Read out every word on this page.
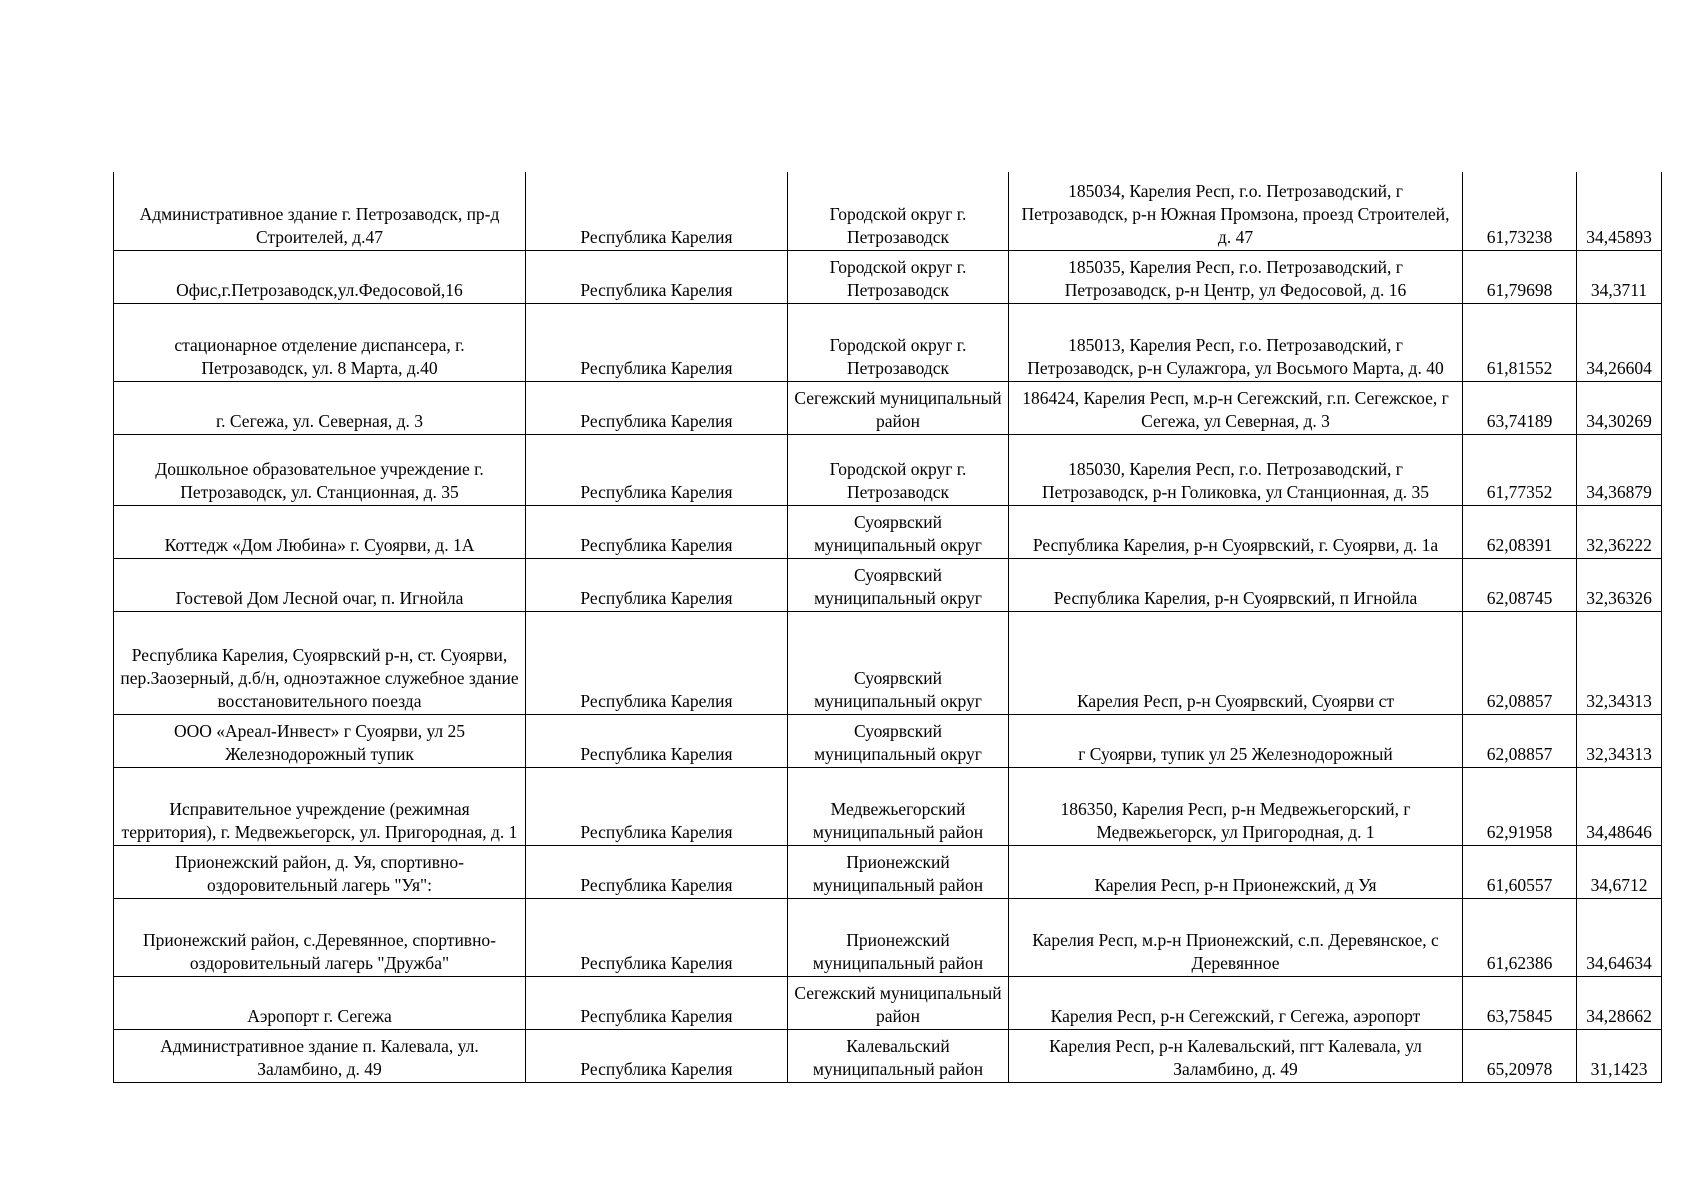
Административное здание г. Петрозаводск, пр-д Строителей, д.47	Республика Карелия	Городской округ г. Петрозаводск	185034, Карелия Респ, г.о. Петрозаводский, г Петрозаводск, р-н Южная Промзона, проезд Строителей, д. 47	61,73238	34,45893
Офис,г.Петрозаводск,ул.Федосовой,16	Республика Карелия	Городской округ г. Петрозаводск	185035, Карелия Респ, г.о. Петрозаводский, г Петрозаводск, р-н Центр, ул Федосовой, д. 16	61,79698	34,3711
стационарное отделение диспансера, г. Петрозаводск, ул. 8 Марта, д.40	Республика Карелия	Городской округ г. Петрозаводск	185013, Карелия Респ, г.о. Петрозаводский, г Петрозаводск, р-н Сулажгора, ул Восьмого Марта, д. 40	61,81552	34,26604
г. Сегежа, ул. Северная, д. 3	Республика Карелия	Сегежский муниципальный район	186424, Карелия Респ, м.р-н Сегежский, г.п. Сегежское, г Сегежа, ул Северная, д. 3	63,74189	34,30269
Дошкольное образовательное учреждение г. Петрозаводск, ул. Станционная, д. 35	Республика Карелия	Городской округ г. Петрозаводск	185030, Карелия Респ, г.о. Петрозаводский, г Петрозаводск, р-н Голиковка, ул Станционная, д. 35	61,77352	34,36879
Коттедж «Дом Любина» г. Суоярви, д. 1А	Республика Карелия	Суоярвский муниципальный округ	Республика Карелия, р-н Суоярвский, г. Суоярви, д. 1а	62,08391	32,36222
Гостевой Дом Лесной очаг, п. Игнойла	Республика Карелия	Суоярвский муниципальный округ	Республика Карелия, р-н Суоярвский, п Игнойла	62,08745	32,36326
Республика Карелия, Суоярвский р-н, ст. Суоярви, пер.Заозерный, д.б/н, одноэтажное служебное здание восстановительного поезда	Республика Карелия	Суоярвский муниципальный округ	Карелия Респ, р-н Суоярвский, Суоярви ст	62,08857	32,34313
ООО «Ареал-Инвест» г Суоярви, ул 25 Железнодорожный тупик	Республика Карелия	Суоярвский муниципальный округ	г Суоярви, тупик ул 25 Железнодорожный	62,08857	32,34313
Исправительное учреждение (режимная территория), г. Медвежьегорск, ул. Пригородная, д. 1	Республика Карелия	Медвежьегорский муниципальный район	186350, Карелия Респ, р-н Медвежьегорский, г Медвежьегорск, ул Пригородная, д. 1	62,91958	34,48646
Прионежский район, д. Уя, спортивно-оздоровительный лагерь "Уя":	Республика Карелия	Прионежский муниципальный район	Карелия Респ, р-н Прионежский, д Уя	61,60557	34,6712
Прионежский район, с.Деревянное, спортивно-оздоровительный лагерь "Дружба"	Республика Карелия	Прионежский муниципальный район	Карелия Респ, м.р-н Прионежский, с.п. Деревянское, с Деревянное	61,62386	34,64634
Аэропорт г. Сегежа	Республика Карелия	Сегежский муниципальный район	Карелия Респ, р-н Сегежский, г Сегежа, аэропорт	63,75845	34,28662
Административное здание п. Калевала, ул. Заламбино, д. 49	Республика Карелия	Калевальский муниципальный район	Карелия Респ, р-н Калевальский, пгт Калевала, ул Заламбино, д. 49	65,20978	31,1423
